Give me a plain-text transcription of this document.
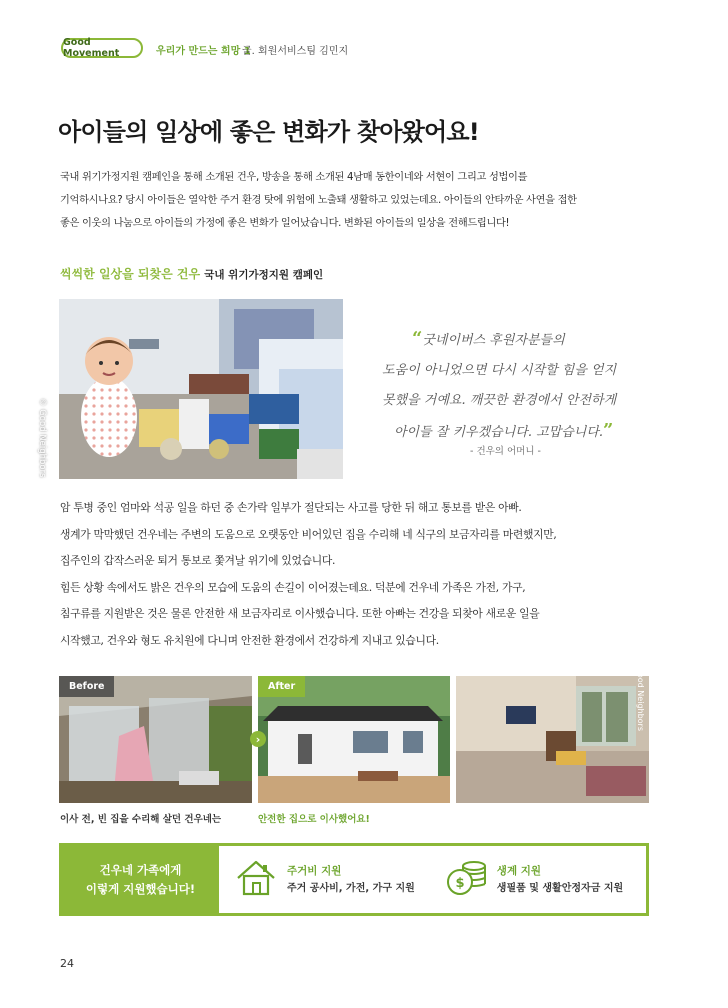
Good Movement	우리가 만드는 희망 1
글. 회원서비스팀 김민지
아이들의 일상에 좋은 변화가 찾아왔어요!
국내 위기가정지원 캠페인을 통해 소개된 건우, 방송을 통해 소개된 4남매 동한이네와 서현이 그리고 성법이를
기억하시나요? 당시 아이들은 열악한 주거 환경 탓에 위험에 노출돼 생활하고 있었는데요. 아이들의 안타까운 사연을 접한
좋은 이웃의 나눔으로 아이들의 가정에 좋은 변화가 일어났습니다. 변화된 아이들의 일상을 전해드립니다!
씩씩한 일상을 되찾은 건우 국내 위기가정지원 캠페인
© Good Neighbors
“굿네이버스 후원자분들의
도움이 아니었으면 다시 시작할 힘을 얻지
못했을 거예요. 깨끗한 환경에서 안전하게
아이들 잘 키우겠습니다. 고맙습니다.”
- 건우의 어머니 -
암 투병 중인 엄마와 석공 일을 하던 중 손가락 일부가 절단되는 사고를 당한 뒤 해고 통보를 받은 아빠.
생계가 막막했던 건우네는 주변의 도움으로 오랫동안 비어있던 집을 수리해 네 식구의 보금자리를 마련했지만,
집주인의 갑작스러운 퇴거 통보로 쫓겨날 위기에 있었습니다.
힘든 상황 속에서도 밝은 건우의 모습에 도움의 손길이 이어졌는데요. 덕분에 건우네 가족은 가전, 가구,
침구류를 지원받은 것은 물론 안전한 새 보금자리로 이사했습니다. 또한 아빠는 건강을 되찾아 새로운 일을
시작했고, 건우와 형도 유치원에 다니며 안전한 환경에서 건강하게 지내고 있습니다.
Before	After
›
© Good Neighbors
이사 전, 빈 집을 수리해 살던 건우네는	안전한 집으로 이사했어요!
건우네 가족에게
이렇게 지원했습니다!
주거비 지원
주거 공사비, 가전, 가구 지원	$
생계 지원
생필품 및 생활안정자금 지원
24
